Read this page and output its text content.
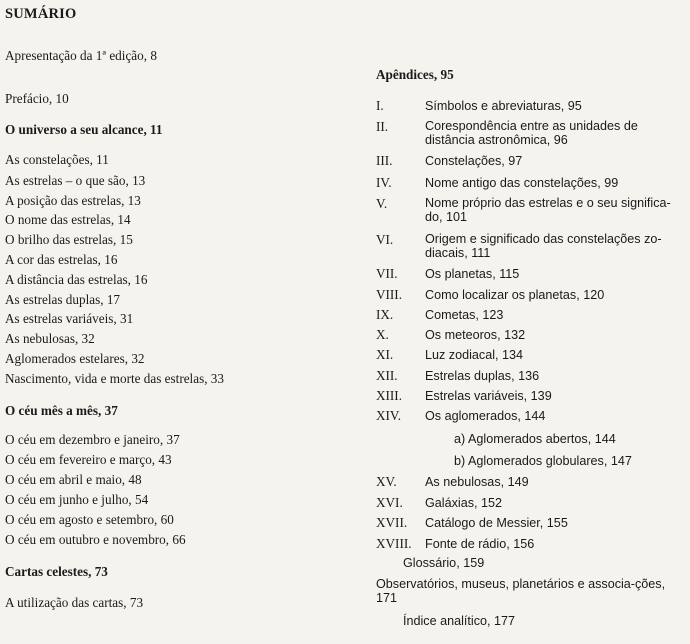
SUMÁRIO
Apresentação da 1ª edição, 8
Prefácio, 10
O universo a seu alcance, 11
As constelações, 11
As estrelas – o que são, 13
A posição das estrelas, 13
O nome das estrelas, 14
O brilho das estrelas, 15
A cor das estrelas, 16
A distância das estrelas, 16
As estrelas duplas, 17
As estrelas variáveis, 31
As nebulosas, 32
Aglomerados estelares, 32
Nascimento, vida e morte das estrelas, 33
O céu mês a mês, 37
O céu em dezembro e janeiro, 37
O céu em fevereiro e março, 43
O céu em abril e maio, 48
O céu em junho e julho, 54
O céu em agosto e setembro, 60
O céu em outubro e novembro, 66
Cartas celestes, 73
A utilização das cartas, 73
Apêndices, 95
I.	Símbolos e abreviaturas, 95
II.	Corespondência entre as unidades de distância astronômica, 96
III.	Constelações, 97
IV.	Nome antigo das constelações, 99
V.	Nome próprio das estrelas e o seu significa-do, 101
VI.	Origem e significado das constelações zo-diacais, 111
VII. Os planetas, 115
VIII. Como localizar os planetas, 120
IX.	Cometas, 123
X.	Os meteoros, 132
XI.	Luz zodiacal, 134
XII. Estrelas duplas, 136
XIII. Estrelas variáveis, 139
XIV. Os aglomerados, 144
a) Aglomerados abertos, 144
b) Aglomerados globulares, 147
XV. As nebulosas, 149
XVI. Galáxias, 152
XVII. Catálogo de Messier, 155
XVIII. Fonte de rádio, 156
Glossário, 159
Observatórios, museus, planetários e associa-ções, 171
Índice analítico, 177
